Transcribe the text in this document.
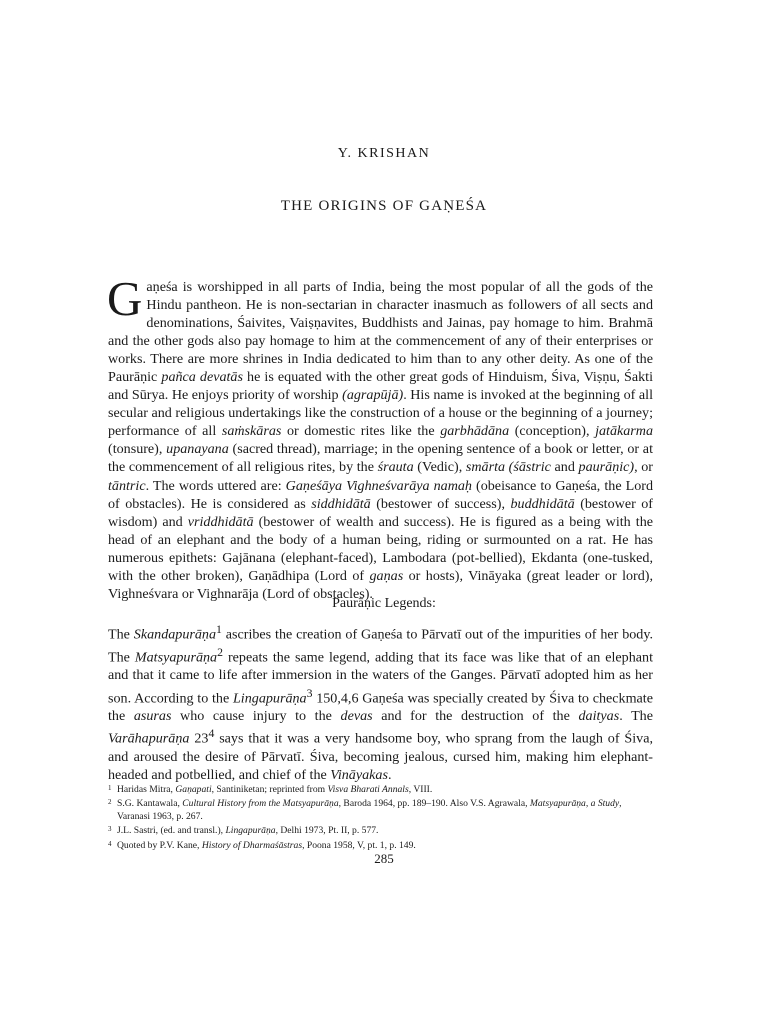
Y. KRISHAN
THE ORIGINS OF GAṆEŚA
Gaṇeśa is worshipped in all parts of India, being the most popular of all the gods of the Hindu pantheon. He is non-sectarian in character inasmuch as followers of all sects and denominations, Śaivites, Vaiṣṇavites, Buddhists and Jainas, pay homage to him. Brahmā and the other gods also pay homage to him at the commencement of any of their enterprises or works. There are more shrines in India dedicated to him than to any other deity. As one of the Paurāṇic pañca devatās he is equated with the other great gods of Hinduism, Śiva, Viṣṇu, Śakti and Sūrya. He enjoys priority of worship (agrapūjā). His name is invoked at the beginning of all secular and religious undertakings like the construction of a house or the beginning of a journey; performance of all saṁskāras or domestic rites like the garbhādāna (conception), jatākarma (tonsure), upanayana (sacred thread), marriage; in the opening sentence of a book or letter, or at the commencement of all religious rites, by the śrauta (Vedic), smārta (śāstric and paurāṇic), or tāntric. The words uttered are: Gaṇeśāya Vighneśvarāya namaḥ (obeisance to Gaṇeśa, the Lord of obstacles). He is considered as siddhidātā (bestower of success), buddhidātā (bestower of wisdom) and vriddhidātā (bestower of wealth and success). He is figured as a being with the head of an elephant and the body of a human being, riding or surmounted on a rat. He has numerous epithets: Gajānana (elephant-faced), Lambodara (pot-bellied), Ekdanta (one-tusked, with the other broken), Gaṇādhipa (Lord of gaṇas or hosts), Vināyaka (great leader or lord), Vighneśvara or Vighnarāja (Lord of obstacles).
Paurāṇic Legends:
The Skandapurāṇa$^1$ ascribes the creation of Gaṇeśa to Pārvatī out of the impurities of her body. The Matsyapurāṇa$^2$ repeats the same legend, adding that its face was like that of an elephant and that it came to life after immersion in the waters of the Ganges. Pārvatī adopted him as her son. According to the Lingapurāṇa$^3$ 150,4,6 Gaṇeśa was specially created by Śiva to checkmate the asuras who cause injury to the devas and for the destruction of the daityas. The Varāhapurāṇa $23^4$ says that it was a very handsome boy, who sprang from the laugh of Śiva, and aroused the desire of Pārvatī. Śiva, becoming jealous, cursed him, making him elephant-headed and potbellied, and chief of the Vināyakas.
1 Haridas Mitra, Gaṇapati, Santiniketan; reprinted from Visva Bharati Annals, VIII.
2 S.G. Kantawala, Cultural History from the Matsyapurāṇa, Baroda 1964, pp. 189–190. Also V.S. Agrawala, Matsyapurāṇa, a Study, Varanasi 1963, p. 267.
3 J.L. Sastri, (ed. and transl.), Lingapurāṇa, Delhi 1973, Pt. II, p. 577.
4 Quoted by P.V. Kane, History of Dharmaśāstras, Poona 1958, V, pt. 1, p. 149.
285
